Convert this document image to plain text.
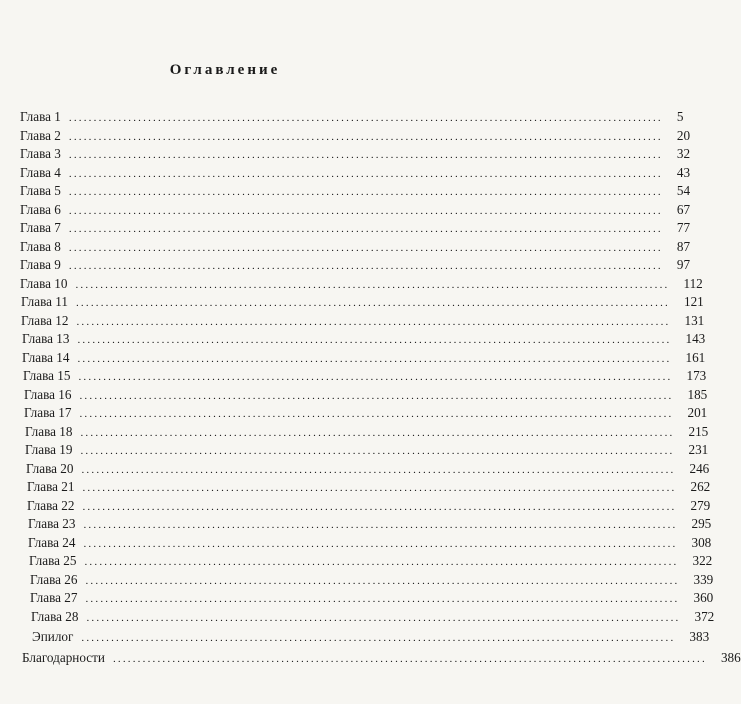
Оглавление
Глава 1 ........................................................................................................................ 5
Глава 2 ........................................................................................................................ 20
Глава 3 ........................................................................................................................ 32
Глава 4 ........................................................................................................................ 43
Глава 5 ........................................................................................................................ 54
Глава 6 ........................................................................................................................ 67
Глава 7 ........................................................................................................................ 77
Глава 8 ........................................................................................................................ 87
Глава 9 ........................................................................................................................ 97
Глава 10 ........................................................................................................................ 112
Глава 11 ........................................................................................................................ 121
Глава 12 ........................................................................................................................ 131
Глава 13 ........................................................................................................................ 143
Глава 14 ........................................................................................................................ 161
Глава 15 ........................................................................................................................ 173
Глава 16 ........................................................................................................................ 185
Глава 17 ........................................................................................................................ 201
Глава 18 ........................................................................................................................ 215
Глава 19 ........................................................................................................................ 231
Глава 20 ........................................................................................................................ 246
Глава 21 ........................................................................................................................ 262
Глава 22 ........................................................................................................................ 279
Глава 23 ........................................................................................................................ 295
Глава 24 ........................................................................................................................ 308
Глава 25 ........................................................................................................................ 322
Глава 26 ........................................................................................................................ 339
Глава 27 ........................................................................................................................ 360
Глава 28 ........................................................................................................................ 372
Эпилог ........................................................................................................................ 383
Благодарности ........................................................................................................................ 386
